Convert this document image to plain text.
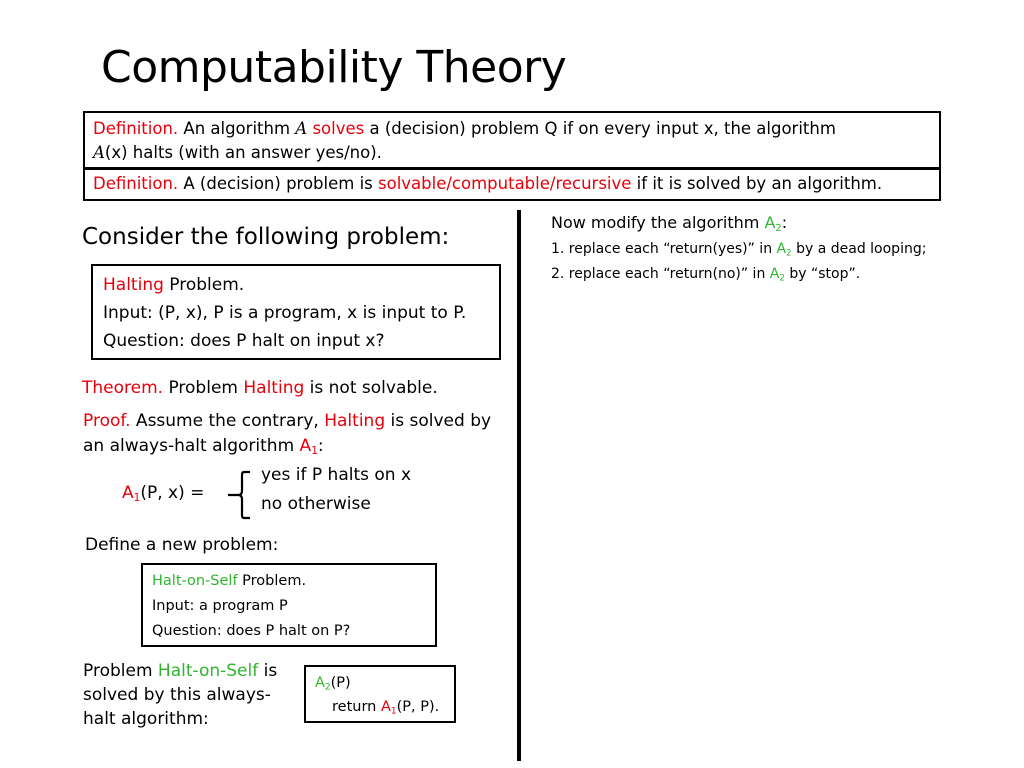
Computability Theory
Definition. An algorithm A solves a (decision) problem Q if on every input x, the algorithm
A(x) halts (with an answer yes/no).
Definition. A (decision) problem is solvable/computable/recursive if it is solved by an algorithm.
Consider the following problem:
Halting Problem.
Input: (P, x), P is a program, x is input to P.
Question: does P halt on input x?
Theorem. Problem Halting is not solvable.
Proof. Assume the contrary, Halting is solved by an always-halt algorithm $A_1$:
$A_1(P$, x) =
yes if P halts on x
no otherwise
Define a new problem:
Halt-on-Self Problem.
Input: a program P
Question: does P halt on P?
Problem Halt-on-Self is solved by this always-halt algorithm:
$A_2(P)$
return $A_1(P$, P).
Now modify the algorithm $A_2$:
1. replace each “return(yes)” in $A_2$ by a dead looping;
2. replace each “return(no)” in $A_2$ by “stop”.
